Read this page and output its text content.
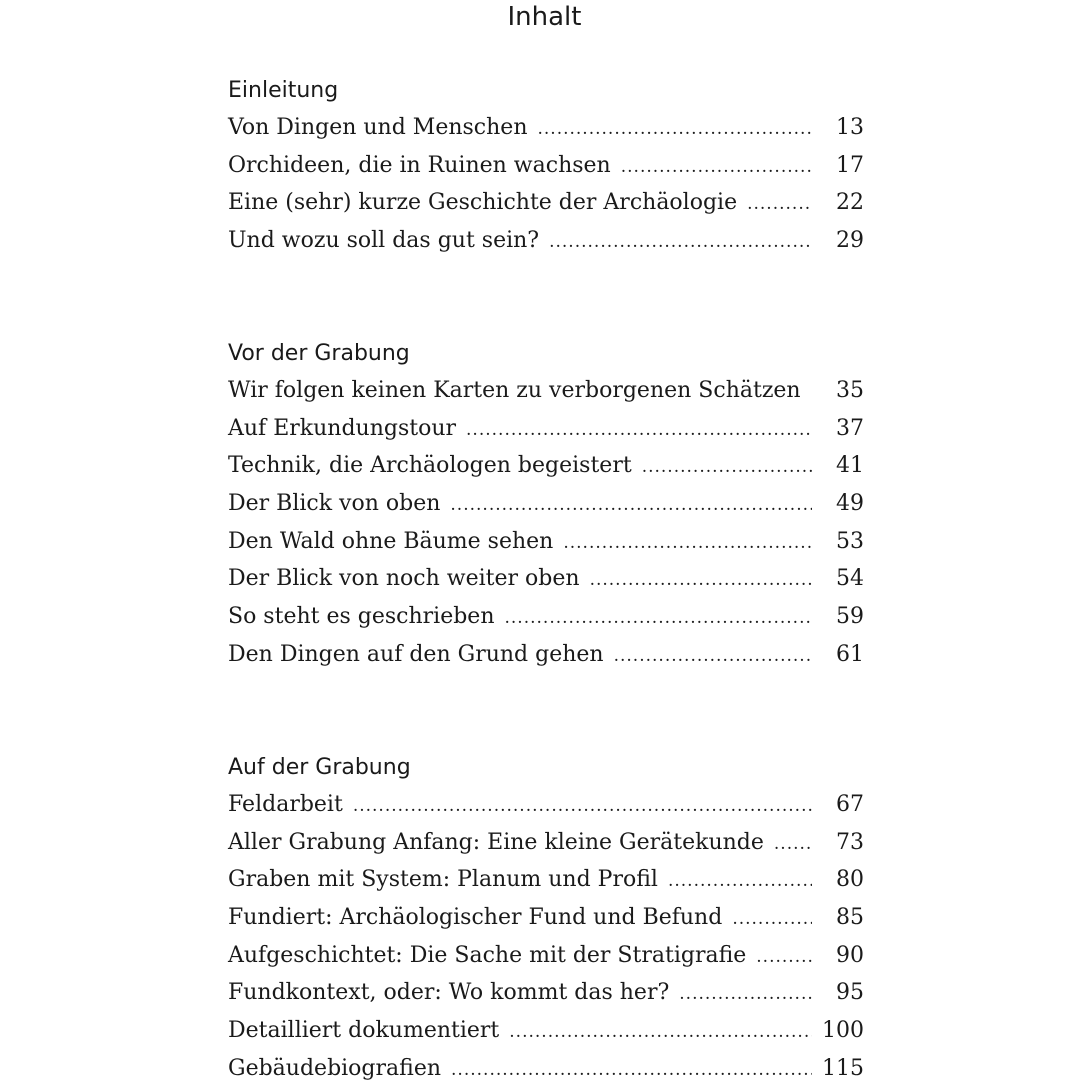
Inhalt
Einleitung
Von Dingen und Menschen .....	13
Orchideen, die in Ruinen wachsen .....	17
Eine (sehr) kurze Geschichte der Archäologie .....	22
Und wozu soll das gut sein? .....	29
Vor der Grabung
Wir folgen keinen Karten zu verborgenen Schätzen .....	35
Auf Erkundungstour .....	37
Technik, die Archäologen begeistert .....	41
Der Blick von oben .....	49
Den Wald ohne Bäume sehen .....	53
Der Blick von noch weiter oben .....	54
So steht es geschrieben .....	59
Den Dingen auf den Grund gehen .....	61
Auf der Grabung
Feldarbeit .....	67
Aller Grabung Anfang: Eine kleine Gerätekunde .....	73
Graben mit System: Planum und Profil .....	80
Fundiert: Archäologischer Fund und Befund .....	85
Aufgeschichtet: Die Sache mit der Stratigrafie .....	90
Fundkontext, oder: Wo kommt das her? .....	95
Detailliert dokumentiert .....	100
Gebäudebiografien .....	115
